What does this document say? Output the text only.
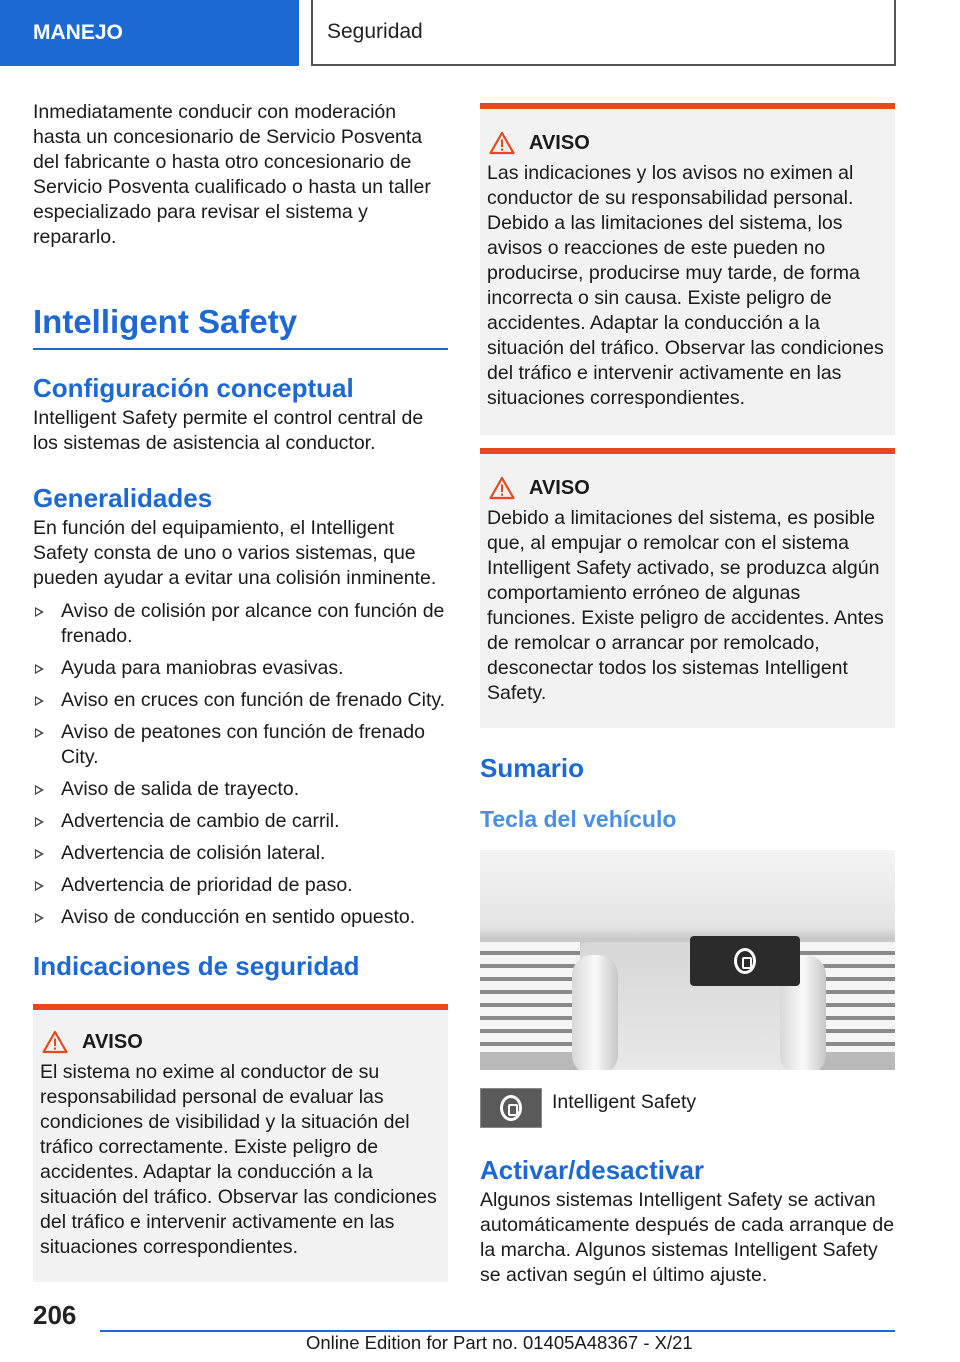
MANEJO	Seguridad

Inmediatamente conducir con moderación hasta un concesionario de Servicio Posventa del fabricante o hasta otro concesionario de Servicio Posventa cualificado o hasta un taller especializado para revisar el sistema y repararlo.

Intelligent Safety
Configuración conceptual

Intelligent Safety permite el control central de los sistemas de asistencia al conductor.

Generalidades

En función del equipamiento, el Intelligent Safety consta de uno o varios sistemas, que pueden ayudar a evitar una colisión inminente.

Aviso de colisión por alcance con función de frenado.
Ayuda para maniobras evasivas.
Aviso en cruces con función de frenado City.
Aviso de peatones con función de frenado City.
Aviso de salida de trayecto.
Advertencia de cambio de carril.
Advertencia de colisión lateral.
Advertencia de prioridad de paso.
Aviso de conducción en sentido opuesto.
Indicaciones de seguridad
AVISO

El sistema no exime al conductor de su responsabilidad personal de evaluar las condiciones de visibilidad y la situación del tráfico correctamente. Existe peligro de accidentes. Adaptar la conducción a la situación del tráfico. Observar las condiciones del tráfico e intervenir activamente en las situaciones correspondientes.

AVISO

Las indicaciones y los avisos no eximen al conductor de su responsabilidad personal. Debido a las limitaciones del sistema, los avisos o reacciones de este pueden no producirse, producirse muy tarde, de forma incorrecta o sin causa. Existe peligro de accidentes. Adaptar la conducción a la situación del tráfico. Observar las condiciones del tráfico e intervenir activamente en las situaciones correspondientes.

AVISO

Debido a limitaciones del sistema, es posible que, al empujar o remolcar con el sistema Intelligent Safety activado, se produzca algún comportamiento erróneo de algunas funciones. Existe peligro de accidentes. Antes de remolcar o arrancar por remolcado, desconectar todos los sistemas Intelligent Safety.

Sumario
Tecla del vehículo

Intelligent Safety

Activar/desactivar

Algunos sistemas Intelligent Safety se activan automáticamente después de cada arranque de la marcha. Algunos sistemas Intelligent Safety se activan según el último ajuste.

206
Online Edition for Part no. 01405A48367 - X/21
